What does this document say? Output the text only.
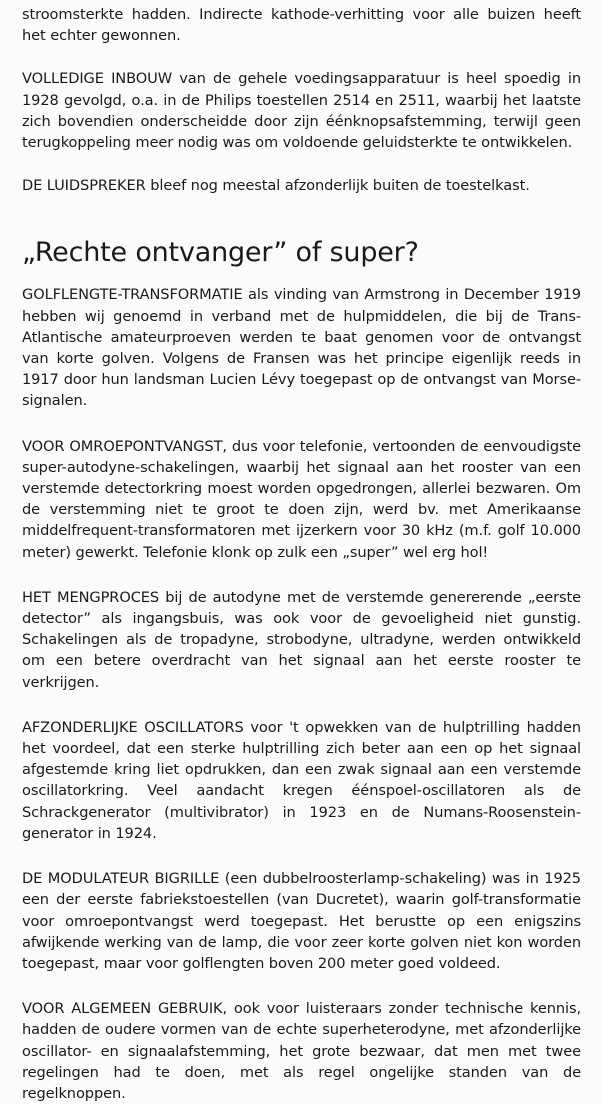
stroomsterkte hadden. Indirecte kathode-verhitting voor alle buizen heeft het echter gewonnen.

VOLLEDIGE INBOUW van de gehele voedingsapparatuur is heel spoedig in 1928 gevolgd, o.a. in de Philips toestellen 2514 en 2511, waarbij het laatste zich bovendien onderscheidde door zijn éénknopsafstemming, terwijl geen terugkoppeling meer nodig was om voldoende geluidsterkte te ontwikkelen.

DE LUIDSPREKER bleef nog meestal afzonderlijk buiten de toestelkast.

„Rechte ontvanger” of super?

GOLFLENGTE-TRANSFORMATIE als vinding van Armstrong in December 1919 hebben wij genoemd in verband met de hulpmiddelen, die bij de Trans-Atlantische amateurproeven werden te baat genomen voor de ontvangst van korte golven. Volgens de Fransen was het principe eigenlijk reeds in 1917 door hun landsman Lucien Lévy toegepast op de ontvangst van Morse-signalen.

VOOR OMROEPONTVANGST, dus voor telefonie, vertoonden de eenvoudigste super-autodyne-schakelingen, waarbij het signaal aan het rooster van een verstemde detectorkring moest worden opgedrongen, allerlei bezwaren. Om de verstemming niet te groot te doen zijn, werd bv. met Amerikaanse middelfrequent-transformatoren met ijzerkern voor 30 kHz (m.f. golf 10.000 meter) gewerkt. Telefonie klonk op zulk een „super” wel erg hol!

HET MENGPROCES bij de autodyne met de verstemde genererende „eerste detector” als ingangsbuis, was ook voor de gevoeligheid niet gunstig. Schakelingen als de tropadyne, strobodyne, ultradyne, werden ontwikkeld om een betere overdracht van het signaal aan het eerste rooster te verkrijgen.

AFZONDERLIJKE OSCILLATORS voor 't opwekken van de hulptrilling hadden het voordeel, dat een sterke hulptrilling zich beter aan een op het signaal afgestemde kring liet opdrukken, dan een zwak signaal aan een verstemde oscillatorkring. Veel aandacht kregen éénspoel-oscillatoren als de Schrackgenerator (multivibrator) in 1923 en de Numans-Roosenstein-generator in 1924.

DE MODULATEUR BIGRILLE (een dubbelroosterlamp-schakeling) was in 1925 een der eerste fabriekstoestellen (van Ducretet), waarin golf-transformatie voor omroepontvangst werd toegepast. Het berustte op een enigszins afwijkende werking van de lamp, die voor zeer korte golven niet kon worden toegepast, maar voor golflengten boven 200 meter goed voldeed.

VOOR ALGEMEEN GEBRUIK, ook voor luisteraars zonder technische kennis, hadden de oudere vormen van de echte superheterodyne, met afzonderlijke oscillator- en signaalafstemming, het grote bezwaar, dat men met twee regelingen had te doen, met als regel ongelijke standen van de regelknoppen.
